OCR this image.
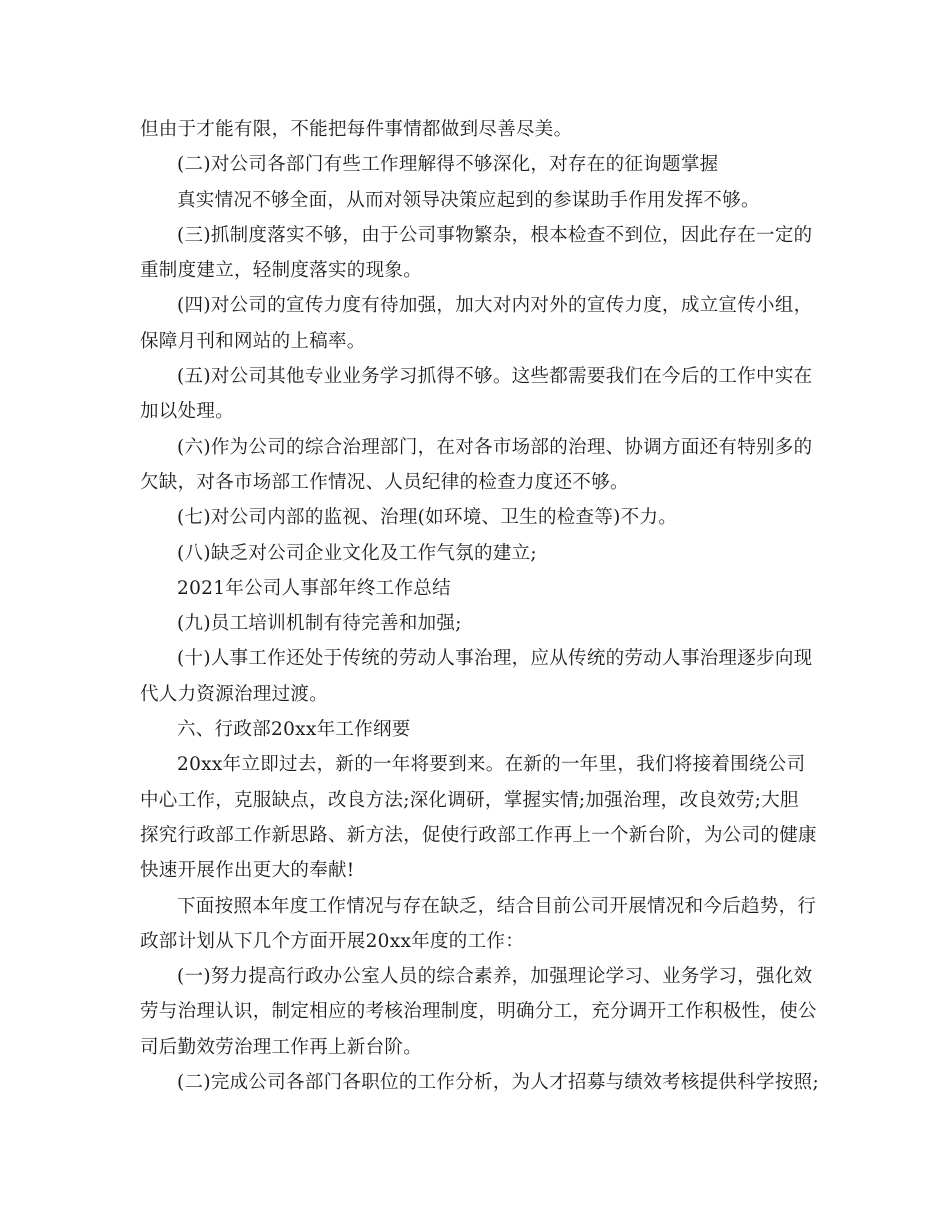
但由于才能有限，不能把每件事情都做到尽善尽美。
(二)对公司各部门有些工作理解得不够深化，对存在的征询题掌握
真实情况不够全面，从而对领导决策应起到的参谋助手作用发挥不够。
(三)抓制度落实不够，由于公司事物繁杂，根本检查不到位，因此存在一定的
重制度建立，轻制度落实的现象。
(四)对公司的宣传力度有待加强，加大对内对外的宣传力度，成立宣传小组，
保障月刊和网站的上稿率。
(五)对公司其他专业业务学习抓得不够。这些都需要我们在今后的工作中实在
加以处理。
(六)作为公司的综合治理部门，在对各市场部的治理、协调方面还有特别多的
欠缺，对各市场部工作情况、人员纪律的检查力度还不够。
(七)对公司内部的监视、治理(如环境、卫生的检查等)不力。
(八)缺乏对公司企业文化及工作气氛的建立;
2021年公司人事部年终工作总结
(九)员工培训机制有待完善和加强;
(十)人事工作还处于传统的劳动人事治理，应从传统的劳动人事治理逐步向现
代人力资源治理过渡。
六、行政部20xx年工作纲要
20xx年立即过去，新的一年将要到来。在新的一年里，我们将接着围绕公司
中心工作，克服缺点，改良方法;深化调研，掌握实情;加强治理，改良效劳;大胆
探究行政部工作新思路、新方法，促使行政部工作再上一个新台阶，为公司的健康
快速开展作出更大的奉献!
下面按照本年度工作情况与存在缺乏，结合目前公司开展情况和今后趋势，行
政部计划从下几个方面开展20xx年度的工作：
(一)努力提高行政办公室人员的综合素养，加强理论学习、业务学习，强化效
劳与治理认识，制定相应的考核治理制度，明确分工，充分调开工作积极性，使公
司后勤效劳治理工作再上新台阶。
(二)完成公司各部门各职位的工作分析，为人才招募与绩效考核提供科学按照;
